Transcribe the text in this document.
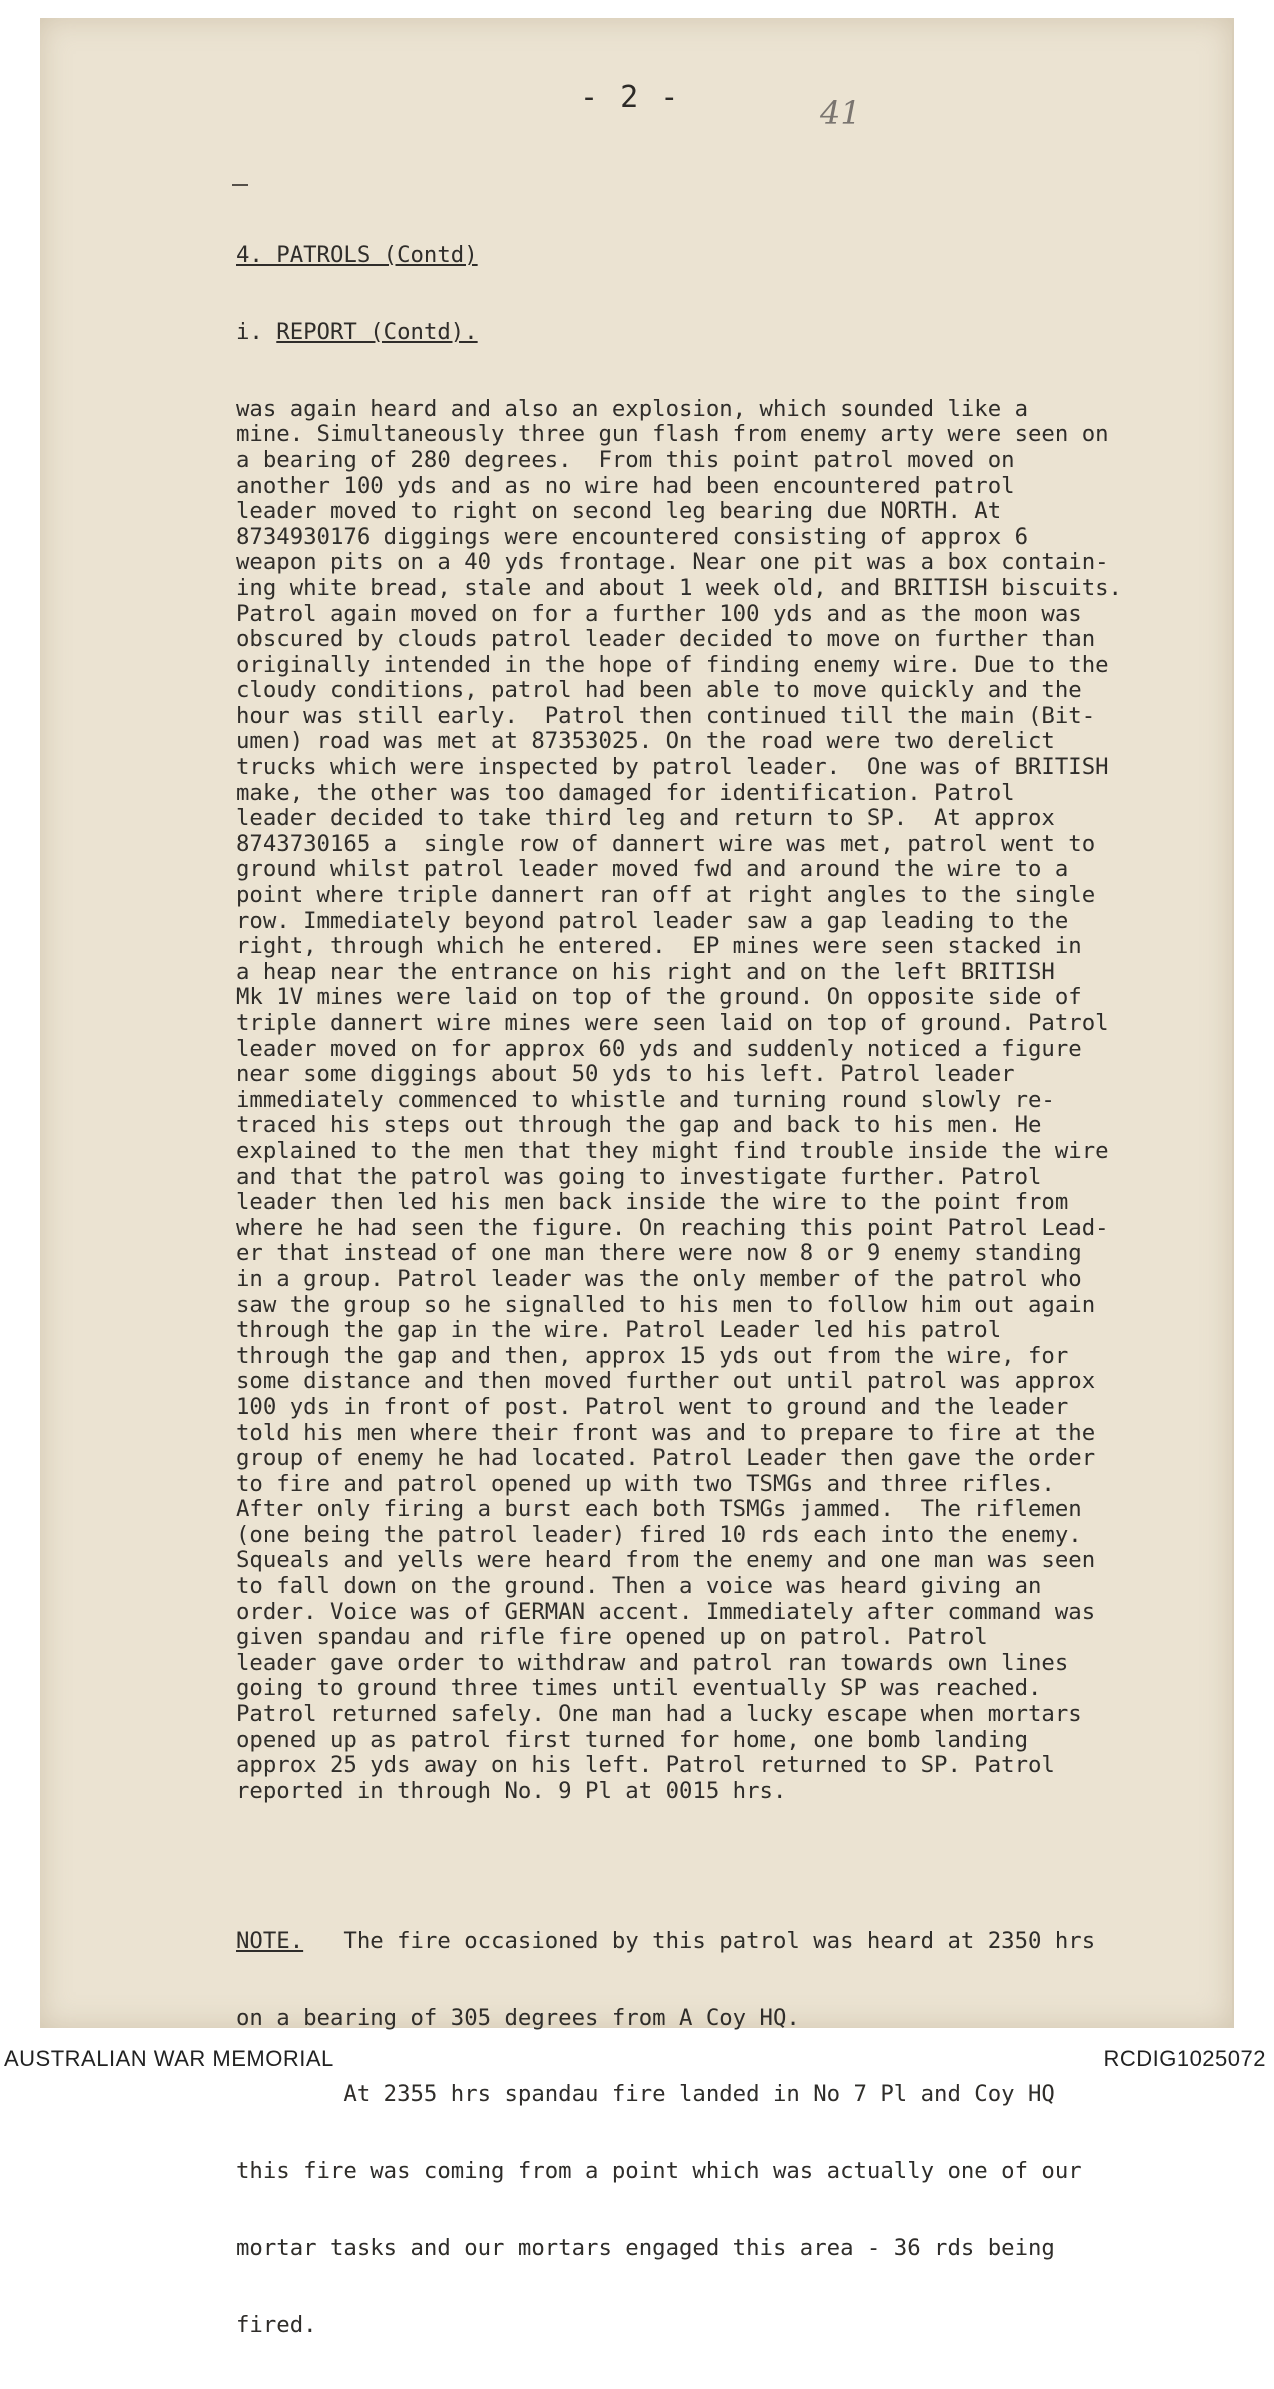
- 2 -	41

4. PATROLS (Contd)

i. REPORT (Contd).

was again heard and also an explosion, which sounded like a
mine. Simultaneously three gun flash from enemy arty were seen on
a bearing of 280 degrees.  From this point patrol moved on
another 100 yds and as no wire had been encountered patrol
leader moved to right on second leg bearing due NORTH. At
8734930176 diggings were encountered consisting of approx 6
weapon pits on a 40 yds frontage. Near one pit was a box contain-
ing white bread, stale and about 1 week old, and BRITISH biscuits.
Patrol again moved on for a further 100 yds and as the moon was
obscured by clouds patrol leader decided to move on further than
originally intended in the hope of finding enemy wire. Due to the
cloudy conditions, patrol had been able to move quickly and the
hour was still early.  Patrol then continued till the main (Bit-
umen) road was met at 87353025. On the road were two derelict
trucks which were inspected by patrol leader.  One was of BRITISH
make, the other was too damaged for identification. Patrol
leader decided to take third leg and return to SP.  At approx
8743730165 a  single row of dannert wire was met, patrol went to
ground whilst patrol leader moved fwd and around the wire to a
point where triple dannert ran off at right angles to the single
row. Immediately beyond patrol leader saw a gap leading to the
right, through which he entered.  EP mines were seen stacked in
a heap near the entrance on his right and on the left BRITISH
Mk 1V mines were laid on top of the ground. On opposite side of
triple dannert wire mines were seen laid on top of ground. Patrol
leader moved on for approx 60 yds and suddenly noticed a figure
near some diggings about 50 yds to his left. Patrol leader
immediately commenced to whistle and turning round slowly re-
traced his steps out through the gap and back to his men. He
explained to the men that they might find trouble inside the wire
and that the patrol was going to investigate further. Patrol
leader then led his men back inside the wire to the point from
where he had seen the figure. On reaching this point Patrol Lead-
er that instead of one man there were now 8 or 9 enemy standing
in a group. Patrol leader was the only member of the patrol who
saw the group so he signalled to his men to follow him out again
through the gap in the wire. Patrol Leader led his patrol
through the gap and then, approx 15 yds out from the wire, for
some distance and then moved further out until patrol was approx
100 yds in front of post. Patrol went to ground and the leader
told his men where their front was and to prepare to fire at the
group of enemy he had located. Patrol Leader then gave the order
to fire and patrol opened up with two TSMGs and three rifles.
After only firing a burst each both TSMGs jammed.  The riflemen
(one being the patrol leader) fired 10 rds each into the enemy.
Squeals and yells were heard from the enemy and one man was seen
to fall down on the ground. Then a voice was heard giving an
order. Voice was of GERMAN accent. Immediately after command was
given spandau and rifle fire opened up on patrol. Patrol
leader gave order to withdraw and patrol ran towards own lines
going to ground three times until eventually SP was reached.
Patrol returned safely. One man had a lucky escape when mortars
opened up as patrol first turned for home, one bomb landing
approx 25 yds away on his left. Patrol returned to SP. Patrol
reported in through No. 9 Pl at 0015 hrs.

NOTE.   The fire occasioned by this patrol was heard at 2350 hrs

on a bearing of 305 degrees from A Coy HQ.

At 2355 hrs spandau fire landed in No 7 Pl and Coy HQ

this fire was coming from a point which was actually one of our

mortar tasks and our mortars engaged this area - 36 rds being

fired.

AUSTRALIAN WAR MEMORIAL	RCDIG1025072
